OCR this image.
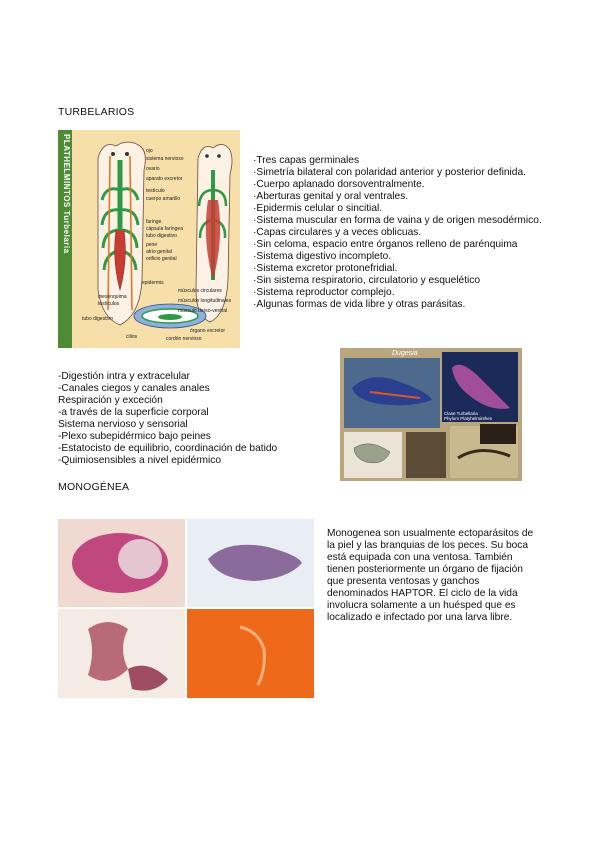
TURBELARIOS
PLATHELMINTOS Turbelaria	ojo
sistema nervioso
ovario
aparato excretor
testículo
cuerpo amarillo
faringe
cápsula faríngea
tubo digestivo
pene
atrio genital
orificio genital
epidermis
músculos circulares
mesénquima
testículos	músculos longitudinales
tubo digestivo
músculo dorso-ventral
órgano excretor
cilios	cordón nervioso
·Tres capas germinales
·Simetría bilateral con polaridad anterior y posterior definida.
·Cuerpo aplanado dorsoventralmente.
·Aberturas genital y oral ventrales.
·Epidermis celular o sincitial.
·Sistema muscular en forma de vaina y de origen mesodérmico.
·Capas circulares y a veces oblicuas.
·Sin celoma, espacio entre órganos relleno de parénquima
·Sistema digestivo incompleto.
·Sistema excretor protonefridial.
·Sin sistema respiratorio, circulatorio y esquelético
·Sistema reproductor complejo.
·Algunas formas de vida libre y otras parásitas.
-Digestión intra y extracelular
-Canales ciegos y canales anales
Respiración y exceción
-a través de la superficie corporal
Sistema nervioso y sensorial
-Plexo subepidérmico bajo peines
-Estatocisto de equilibrio, coordinación de batido
-Quimiosensibles a nivel epidérmico
Dugesia
Clase Turbellaria
Phylum Platyhelminthes
MONOGÉNEA
Monogenea son usualmente ectoparásitos de la piel y las branquias de los peces. Su boca está equipada con una ventosa. También tienen posteriormente un órgano de fijación que presenta ventosas y ganchos denominados HAPTOR. El ciclo de la vida involucra solamente a un huésped que es localizado e infectado por una larva libre.
